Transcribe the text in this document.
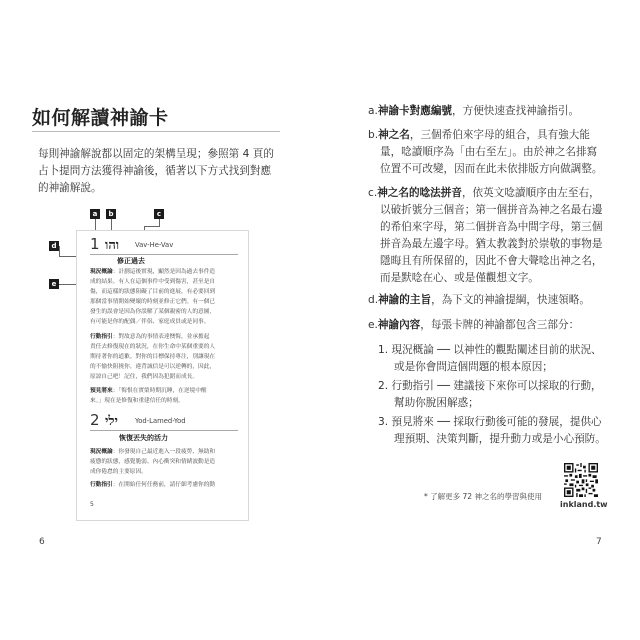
如何解讀神諭卡
每則神諭解說都以固定的架構呈現；參照第 4 頁的
占卜提問方法獲得神諭後，循著以下方式找到對應
的神諭解說。
a	b	c
d
e
1 והו Vav-He-Vav
修正過去
現況概論：計劃這後實現，顯然是因為過去事件造
成的結果。有人在這個事件中受到傷害，甚至是自
傷，而這樣的狀態阻礙了目前的進展，有必要回到
那個當事情開始變壞的時刻並修正它們。有一個已
發生的誤會是因為你誤解了某個親密的人的意圖，
有可能是你的配偶／伴侶、家庭成員或是同事。
行動指引：對故意為的事情表達懊悔，並承擔起
責任去修復現在的狀況，在你生命中某個重要的人
期待著你的道歉。對你的目標保持專注，別讓現在
的不愉快阻撓你。違背誠信是可以逆轉的，因此，
原諒自己吧！記住，我們因為犯錯而成長。
預見將來：「悔恨在實榮時期沉睡，在逆境中醒
來。」現在是修復和重建信任的時刻。
2 ילי	Yod-Lamed-Yod
恢復丟失的活力
現況概論：你發現自己最近進入一段疲勞、無助和
疲憊的狀態，感覺脆弱、內心衝突和情緒波動是造
成你倦怠的主要原因。
行動指引：在開始任何任務前，請仔細考慮你的動
5
6
a.神諭卡對應編號，方便快速查找神諭指引。
b.神之名，三個希伯來字母的組合，具有強大能
量，唸讀順序為「由右至左」。由於神之名排寫
位置不可改變，因而在此未依排版方向做調整。
c.神之名的唸法拼音，依英文唸讀順序由左至右，
以破折號分三個音；第一個拼音為神之名最右邊
的希伯來字母，第二個拼音為中間字母，第三個
拼音為最左邊字母。猶太教義對於崇敬的事物是
隱晦且有所保留的，因此不會大聲唸出神之名，
而是默唸在心、或是僅觀想文字。
d.神諭的主旨，為下文的神諭提綱，快速領略。
e.神諭內容，每張卡牌的神諭都包含三部分：
1. 現況概論 ── 以神性的觀點闡述目前的狀況、
或是你會問這個問題的根本原因；
2. 行動指引 ── 建議接下來你可以採取的行動，
幫助你脫困解惑；
3. 預見將來 ── 採取行動後可能的發展，提供心
理預期、決策判斷，提升動力或是小心預防。
* 了解更多 72 神之名的學習與使用
inkland.tw
7
